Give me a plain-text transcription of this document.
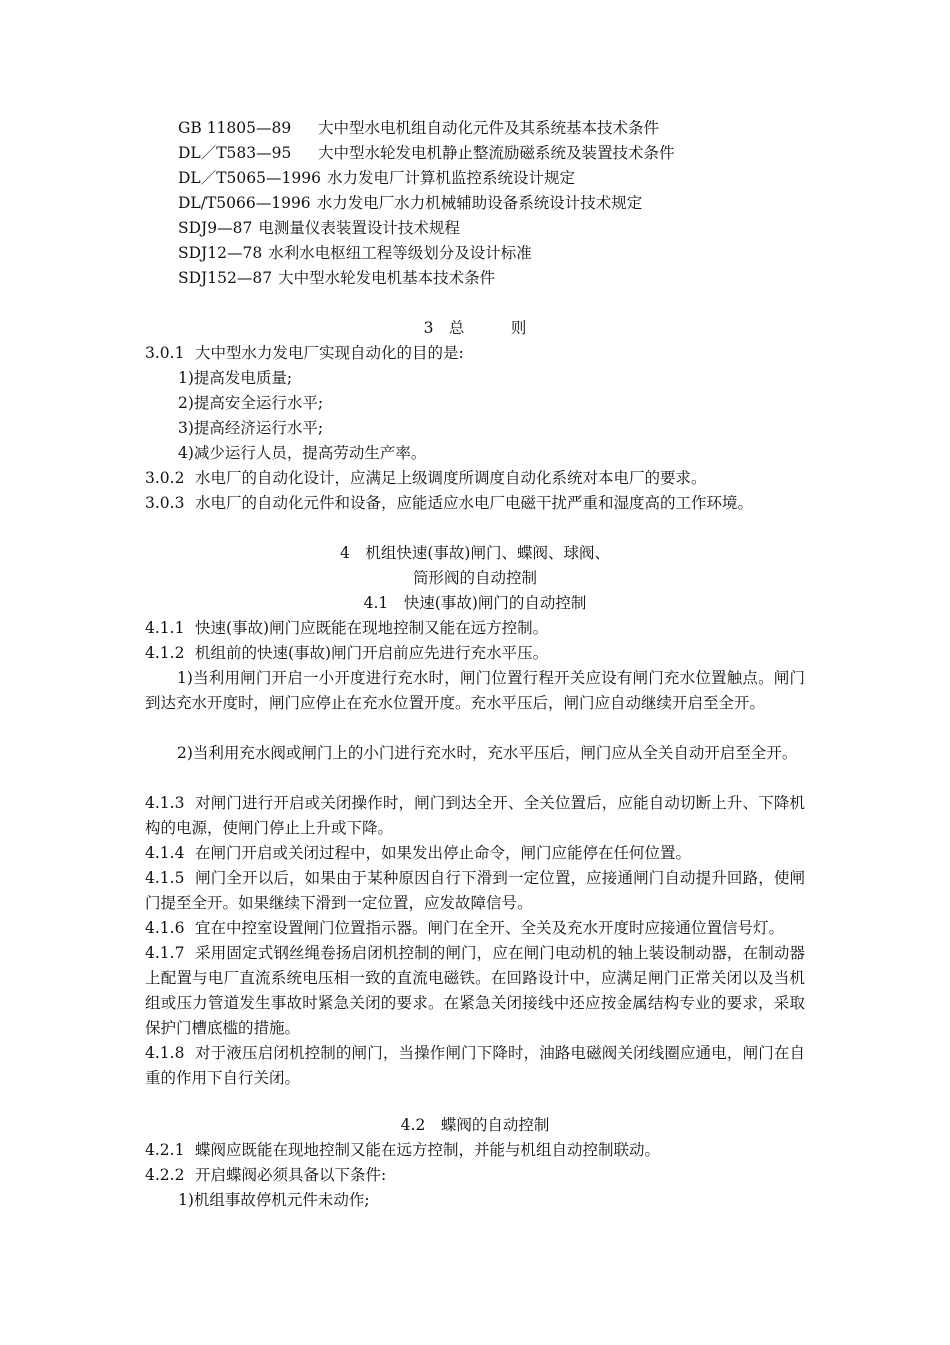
GB 11805—89 大中型水电机组自动化元件及其系统基本技术条件
DL／T583—95 大中型水轮发电机静止整流励磁系统及装置技术条件
DL／T5065—1996 水力发电厂计算机监控系统设计规定
DL/T5066—1996 水力发电厂水力机械辅助设备系统设计技术规定
SDJ9—87 电测量仪表装置设计技术规程
SDJ12—78 水利水电枢纽工程等级划分及设计标准
SDJ152—87 大中型水轮发电机基本技术条件
3　总　　　则
3.0.1 大中型水力发电厂实现自动化的目的是:
1)提高发电质量;
2)提高安全运行水平;
3)提高经济运行水平;
4)减少运行人员，提高劳动生产率。
3.0.2 水电厂的自动化设计，应满足上级调度所调度自动化系统对本电厂的要求。
3.0.3 水电厂的自动化元件和设备，应能适应水电厂电磁干扰严重和湿度高的工作环境。
4　机组快速(事故)闸门、蝶阀、球阀、
筒形阀的自动控制
4.1　快速(事故)闸门的自动控制
4.1.1 快速(事故)闸门应既能在现地控制又能在远方控制。
4.1.2 机组前的快速(事故)闸门开启前应先进行充水平压。
1)当利用闸门开启一小开度进行充水时，闸门位置行程开关应设有闸门充水位置触点。闸门到达充水开度时，闸门应停止在充水位置开度。充水平压后，闸门应自动继续开启至全开。
2)当利用充水阀或闸门上的小门进行充水时，充水平压后，闸门应从全关自动开启至全开。
4.1.3 对闸门进行开启或关闭操作时，闸门到达全开、全关位置后，应能自动切断上升、下降机构的电源，使闸门停止上升或下降。
4.1.4 在闸门开启或关闭过程中，如果发出停止命令，闸门应能停在任何位置。
4.1.5 闸门全开以后，如果由于某种原因自行下滑到一定位置，应接通闸门自动提升回路，使闸门提至全开。如果继续下滑到一定位置，应发故障信号。
4.1.6 宜在中控室设置闸门位置指示器。闸门在全开、全关及充水开度时应接通位置信号灯。
4.1.7 采用固定式钢丝绳卷扬启闭机控制的闸门，应在闸门电动机的轴上装设制动器，在制动器上配置与电厂直流系统电压相一致的直流电磁铁。在回路设计中，应满足闸门正常关闭以及当机组或压力管道发生事故时紧急关闭的要求。在紧急关闭接线中还应按金属结构专业的要求，采取保护门槽底槛的措施。
4.1.8 对于液压启闭机控制的闸门，当操作闸门下降时，油路电磁阀关闭线圈应通电，闸门在自重的作用下自行关闭。
4.2　蝶阀的自动控制
4.2.1 蝶阀应既能在现地控制又能在远方控制，并能与机组自动控制联动。
4.2.2 开启蝶阀必须具备以下条件:
1)机组事故停机元件未动作;
